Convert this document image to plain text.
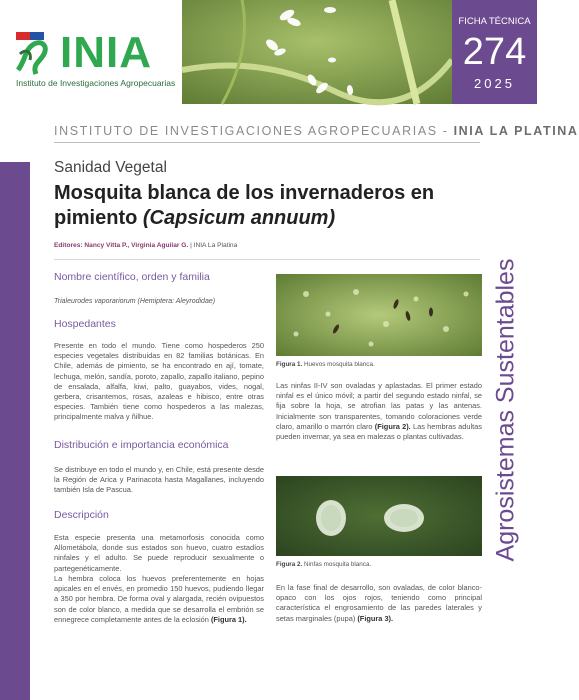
INIA
Instituto de Investigaciones Agropecuarias
FICHA TÉCNICA
274
2025
INSTITUTO DE INVESTIGACIONES AGROPECUARIAS - INIA LA PLATINA
Sanidad Vegetal
Mosquita blanca de los invernaderos en pimiento (Capsicum annuum)
Editores: Nancy Vitta P., Virginia Aguilar G. | INIA La Platina
Agrosistemas Sustentables
Nombre científico, orden y familia
Trialeurodes vaporariorum (Hemiptera: Aleyrodidae)
Hospedantes
Presente en todo el mundo. Tiene como hospederos 250 especies vegetales distribuidas en 82 familias botánicas. En Chile, además de pimiento, se ha encontrado en ají, tomate, lechuga, melón, sandía, poroto, zapallo, zapallo italiano, pepino de ensalada, alfalfa, kiwi, palto, guayabos, vides, nogal, gerbera, crisantemos, rosas, azaleas e hibisco, entre otras especies. También tiene como hospederos a las malezas, principalmente malva y ñilhue.
Distribución e importancia económica
Se distribuye en todo el mundo y, en Chile, está presente desde la Región de Arica y Parinacota hasta Magallanes, incluyendo también Isla de Pascua.
Descripción
Esta especie presenta una metamorfosis conocida como Allometábola, donde sus estados son huevo, cuatro estadíos ninfales y el adulto. Se puede reproducir sexualmente o partegenéticamente.
La hembra coloca los huevos preferentemente en hojas apicales en el envés, en promedio 150 huevos, pudiendo llegar a 350 por hembra. De forma oval y alargada, recién ovipuestos son de color blanco, a medida que se desarrolla el embrión se ennegrece completamente antes de la eclosión (Figura 1).
Figura 1. Huevos mosquita blanca.
Las ninfas II-IV son ovaladas y aplastadas. El primer estado ninfal es el único móvil; a partir del segundo estado ninfal, se fija sobre la hoja, se atrofian las patas y las antenas. Inicialmente son transparentes, tomando coloraciones verde claro, amarillo o marrón claro (Figura 2). Las hembras adultas pueden invernar, ya sea en malezas o plantas cultivadas.
Figura 2. Ninfas mosquita blanca.
En la fase final de desarrollo, son ovaladas, de color blanco-opaco con los ojos rojos, teniendo como principal característica el engrosamiento de las paredes laterales y setas marginales (pupa) (Figura 3).
